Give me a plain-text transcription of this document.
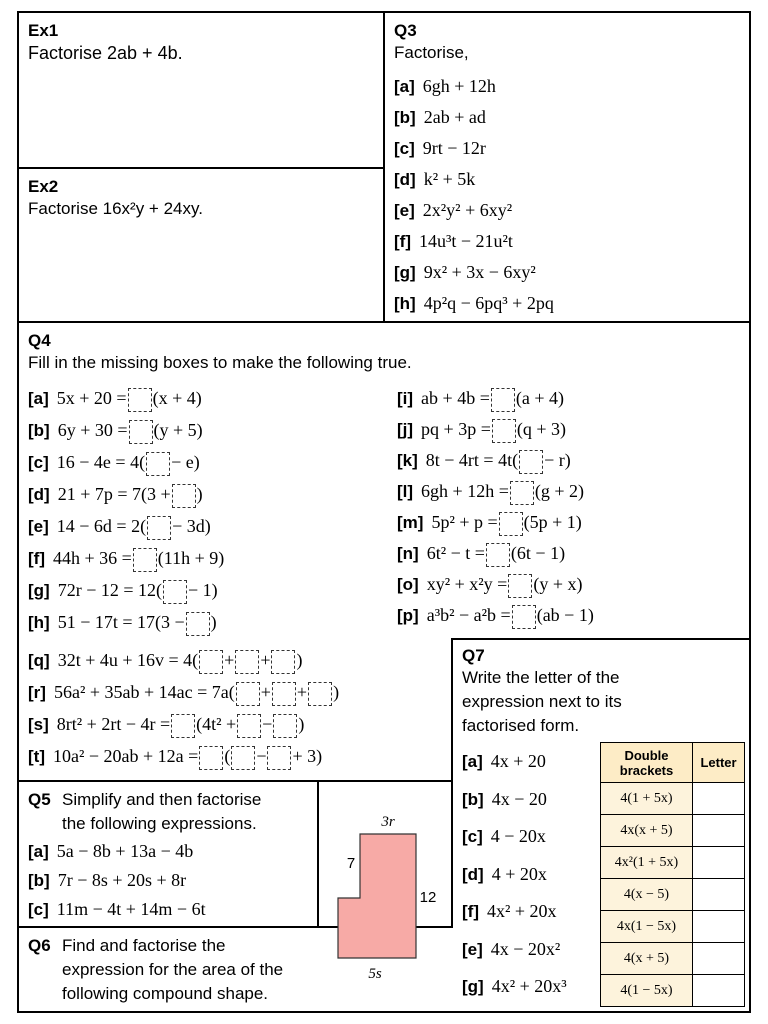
Ex1
Factorise 2ab + 4b.
Ex2
Factorise 16x²y + 24xy.
Q3
Factorise,
[a] 6gh + 12h
[b] 2ab + ad
[c] 9rt − 12r
[d] k² + 5k
[e] 2x²y² + 6xy²
[f] 14u³t − 21u²t
[g] 9x² + 3x − 6xy²
[h] 4p²q − 6pq³ + 2pq
Q4
Fill in the missing boxes to make the following true.
[a] 5x + 20 = (x + 4)
[b] 6y + 30 = (y + 5)
[c] 16 − 4e = 4( − e)
[d] 21 + 7p = 7(3 + )
[e] 14 − 6d = 2( − 3d)
[f] 44h + 36 = (11h + 9)
[g] 72r − 12 = 12( − 1)
[h] 51 − 17t = 17(3 − )
[i] ab + 4b = (a + 4)
[j] pq + 3p = (q + 3)
[k] 8t − 4rt = 4t( − r)
[l] 6gh + 12h = (g + 2)
[m] 5p² + p = (5p + 1)
[n] 6t² − t = (6t − 1)
[o] xy² + x²y = (y + x)
[p] a³b² − a²b = (ab − 1)
[q] 32t + 4u + 16v = 4( + + )
[r] 56a² + 35ab + 14ac = 7a( + + )
[s] 8rt² + 2rt − 4r = (4t² + − )
[t] 10a² − 20ab + 12a = ( − + 3)
Q7
Write the letter of the
expression next to its
factorised form.
[a] 4x + 20
[b] 4x − 20
[c] 4 − 20x
[d] 4 + 20x
[f] 4x² + 20x
[e] 4x − 20x²
[g] 4x² + 20x³
Double brackets	Letter
4(1 + 5x)	
4x(x + 5)	
4x²(1 + 5x)	
4(x − 5)	
4x(1 − 5x)	
4(x + 5)	
4(1 − 5x)	
Q5 Simplify and then factorise
the following expressions.
[a] 5a − 8b + 13a − 4b
[b] 7r − 8s + 20s + 8r
[c] 11m − 4t + 14m − 6t
Q6 Find and factorise the
expression for the area of the
following compound shape.
3r
7
12
5s
